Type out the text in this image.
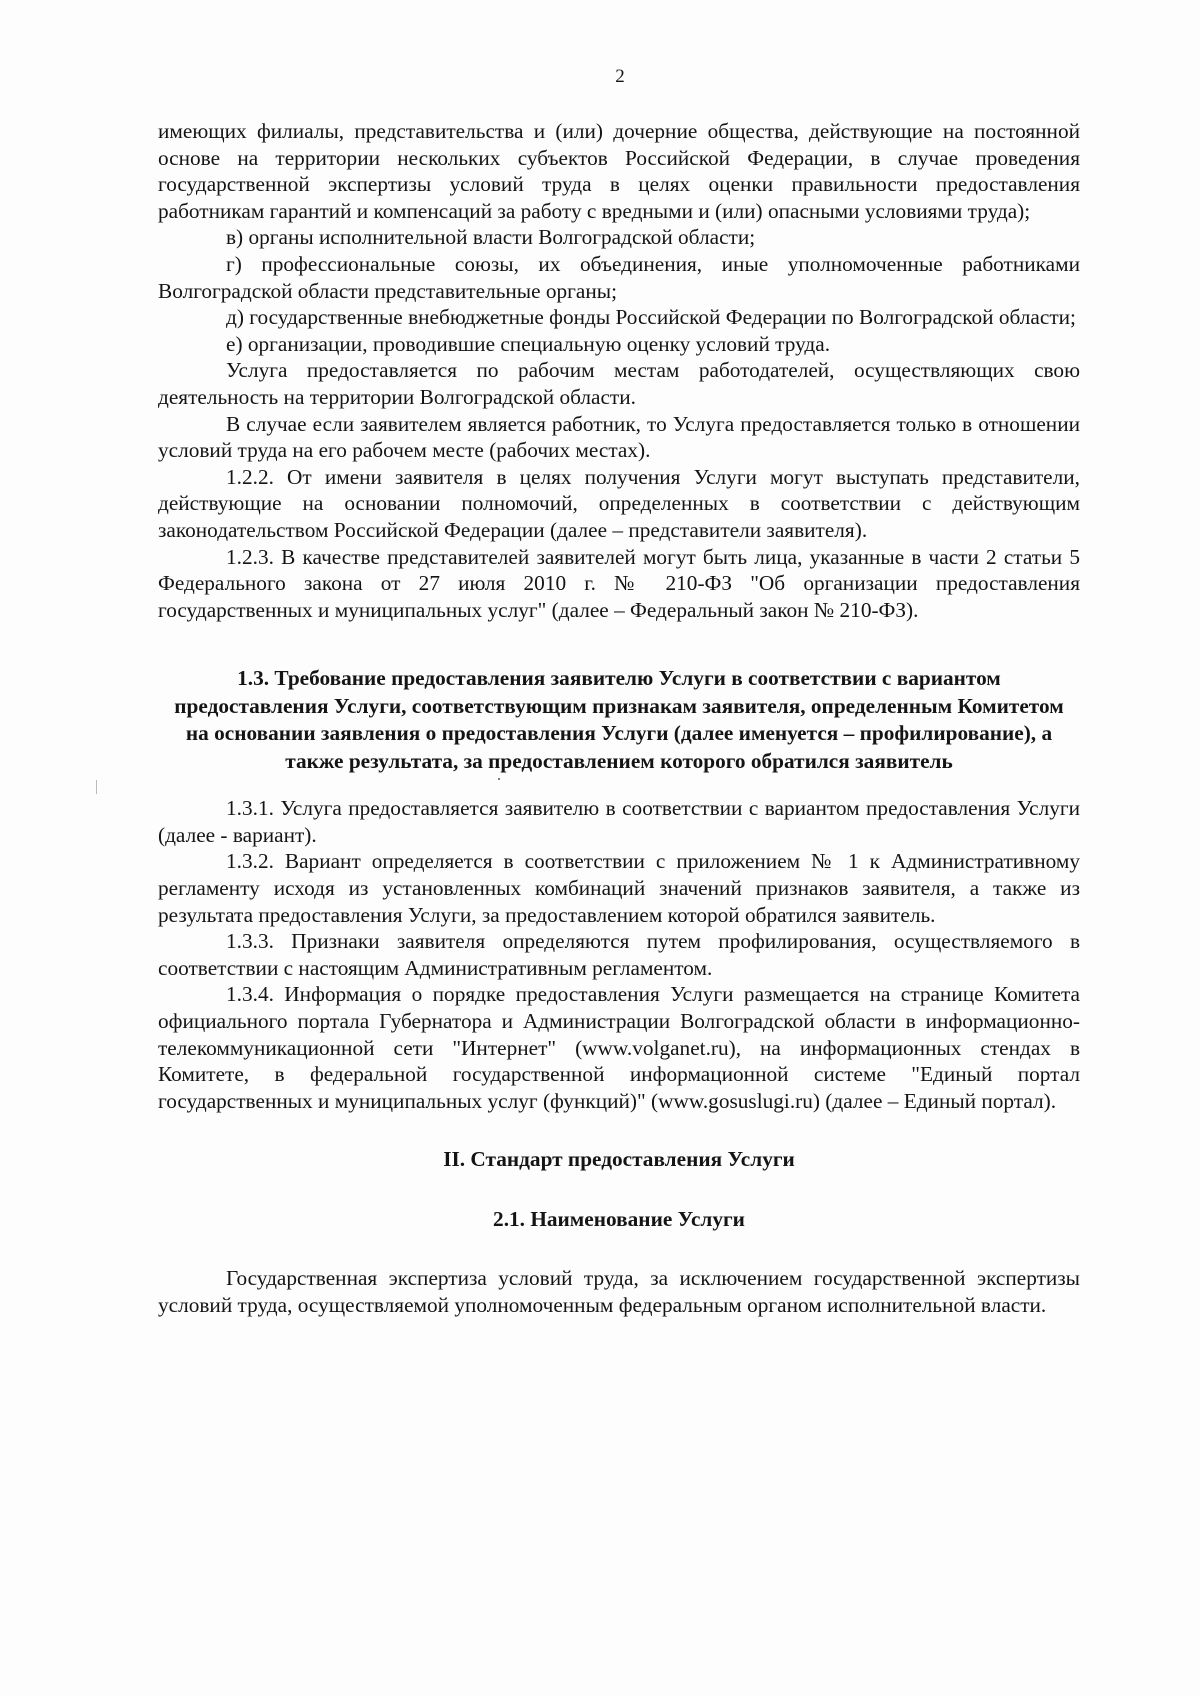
2

имеющих филиалы, представительства и (или) дочерние общества, действующие на постоянной основе на территории нескольких субъектов Российской Федерации, в случае проведения государственной экспертизы условий труда в целях оценки правильности предоставления работникам гарантий и компенсаций за работу с вредными и (или) опасными условиями труда);

в) органы исполнительной власти Волгоградской области;

г) профессиональные союзы, их объединения, иные уполномоченные работниками Волгоградской области представительные органы;

д) государственные внебюджетные фонды Российской Федерации по Волгоградской области;

е) организации, проводившие специальную оценку условий труда.

Услуга предоставляется по рабочим местам работодателей, осуществляющих свою деятельность на территории Волгоградской области.

В случае если заявителем является работник, то Услуга предоставляется только в отношении условий труда на его рабочем месте (рабочих местах).

1.2.2. От имени заявителя в целях получения Услуги могут выступать представители, действующие на основании полномочий, определенных в соответствии с действующим законодательством Российской Федерации (далее – представители заявителя).

1.2.3. В качестве представителей заявителей могут быть лица, указанные в части 2 статьи 5 Федерального закона от 27 июля 2010 г. № 210-ФЗ "Об организации предоставления государственных и муниципальных услуг" (далее – Федеральный закон № 210-ФЗ).

1.3. Требование предоставления заявителю Услуги в соответствии с вариантом предоставления Услуги, соответствующим признакам заявителя, определенным Комитетом на основании заявления о предоставления Услуги (далее именуется – профилирование), а также результата, за предоставлением которого обратился заявитель

1.3.1. Услуга предоставляется заявителю в соответствии с вариантом предоставления Услуги (далее - вариант).

1.3.2. Вариант определяется в соответствии с приложением № 1 к Административному регламенту исходя из установленных комбинаций значений признаков заявителя, а также из результата предоставления Услуги, за предоставлением которой обратился заявитель.

1.3.3. Признаки заявителя определяются путем профилирования, осуществляемого в соответствии с настоящим Административным регламентом.

1.3.4. Информация о порядке предоставления Услуги размещается на странице Комитета официального портала Губернатора и Администрации Волгоградской области в информационно-телекоммуникационной сети "Интернет" (www.volganet.ru), на информационных стендах в Комитете, в федеральной государственной информационной системе "Единый портал государственных и муниципальных услуг (функций)" (www.gosuslugi.ru) (далее – Единый портал).

II. Стандарт предоставления Услуги

2.1. Наименование Услуги

Государственная экспертиза условий труда, за исключением государственной экспертизы условий труда, осуществляемой уполномоченным федеральным органом исполнительной власти.
